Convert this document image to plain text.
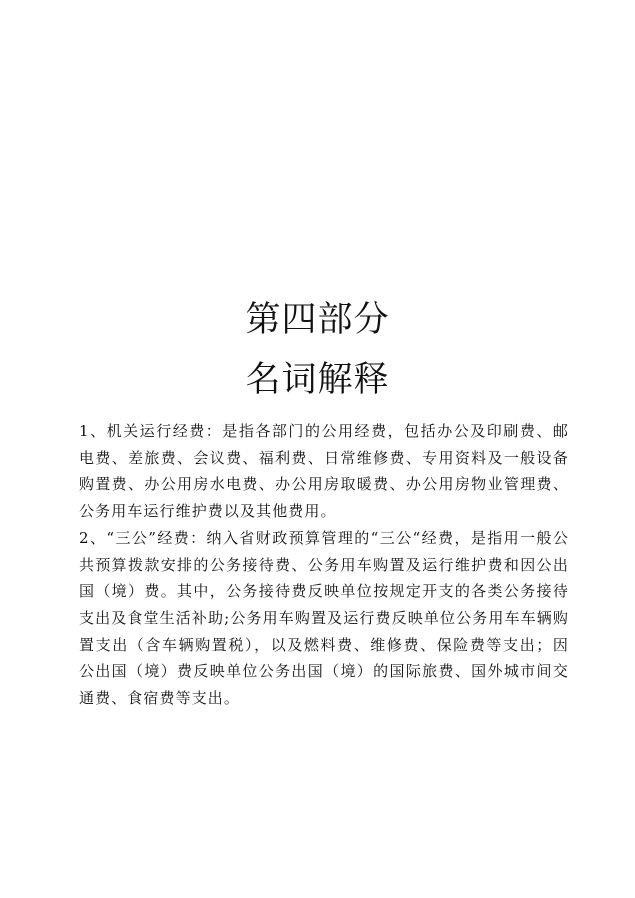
第四部分
名词解释

1、机关运行经费：是指各部门的公用经费，包括办公及印刷费、邮电费、差旅费、会议费、福利费、日常维修费、专用资料及一般设备购置费、办公用房水电费、办公用房取暖费、办公用房物业管理费、公务用车运行维护费以及其他费用。

2、“三公”经费：纳入省财政预算管理的“三公“经费，是指用一般公共预算拨款安排的公务接待费、公务用车购置及运行维护费和因公出国（境）费。其中，公务接待费反映单位按规定开支的各类公务接待支出及食堂生活补助;公务用车购置及运行费反映单位公务用车车辆购置支出（含车辆购置税），以及燃料费、维修费、保险费等支出；因公出国（境）费反映单位公务出国（境）的国际旅费、国外城市间交通费、食宿费等支出。
